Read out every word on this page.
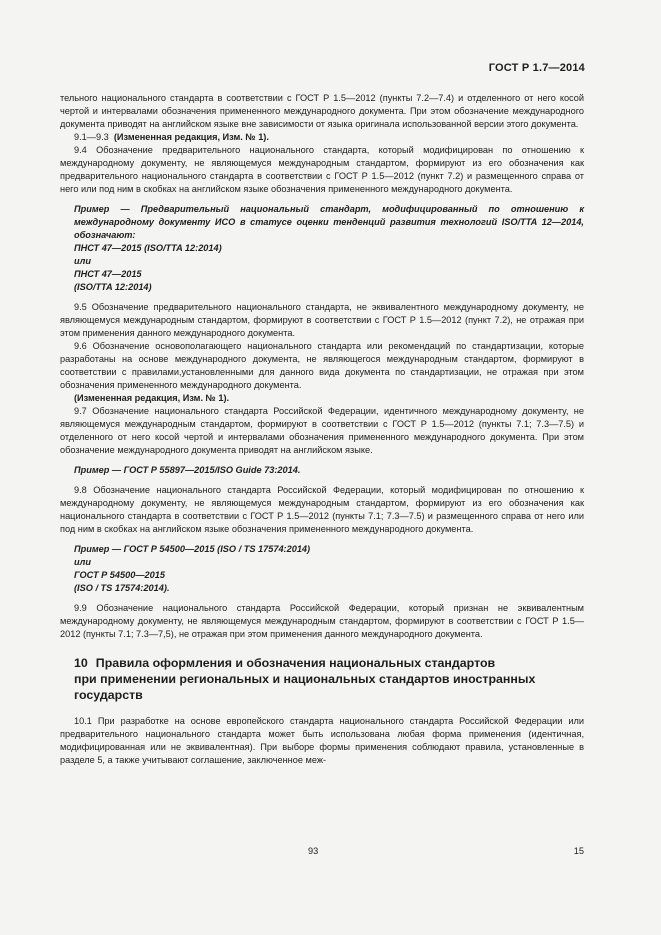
ГОСТ Р 1.7—2014

тельного национального стандарта в соответствии с ГОСТ Р 1.5—2012 (пункты 7.2—7.4) и отделенного от него косой чертой и интервалами обозначения примененного международного документа. При этом обозначение международного документа приводят на английском языке вне зависимости от языка оригинала использованной версии этого документа.

9.1—9.3 (Измененная редакция, Изм. № 1).

9.4 Обозначение предварительного национального стандарта, который модифицирован по отношению к международному документу, не являющемуся международным стандартом, формируют из его обозначения как предварительного национального стандарта в соответствии с ГОСТ Р 1.5—2012 (пункт 7.2) и размещенного справа от него или под ним в скобках на английском языке обозначения примененного международного документа.

Пример — Предварительный национальный стандарт, модифицированный по отношению к международному документу ИСО в статусе оценки тенденций развития технологий ISO/TTA 12—2014, обозначают:

ПНСТ 47—2015 (ISO/TTA 12:2014)
или
ПНСТ 47—2015
(ISO/TTA 12:2014)

9.5 Обозначение предварительного национального стандарта, не эквивалентного международному документу, не являющемуся международным стандартом, формируют в соответствии с ГОСТ Р 1.5—2012 (пункт 7.2), не отражая при этом применения данного международного документа.

9.6 Обозначение основополагающего национального стандарта или рекомендаций по стандартизации, которые разработаны на основе международного документа, не являющегося международным стандартом, формируют в соответствии с правилами,установленными для данного вида документа по стандартизации, не отражая при этом обозначения примененного международного документа.

(Измененная редакция, Изм. № 1).

9.7 Обозначение национального стандарта Российской Федерации, идентичного международному документу, не являющемуся международным стандартом, формируют в соответствии с ГОСТ Р 1.5—2012 (пункты 7.1; 7.3—7.5) и отделенного от него косой чертой и интервалами обозначения примененного международного документа. При этом обозначение международного документа приводят на английском языке.

Пример — ГОСТ Р 55897—2015/ISO Guide 73:2014.

9.8 Обозначение национального стандарта Российской Федерации, который модифицирован по отношению к международному документу, не являющемуся международным стандартом, формируют из его обозначения как национального стандарта в соответствии с ГОСТ Р 1.5—2012 (пункты 7.1; 7.3—7.5) и размещенного справа от него или под ним в скобках на английском языке обозначения примененного международного документа.

Пример — ГОСТ Р 54500—2015 (ISO / TS 17574:2014)
или
ГОСТ Р 54500—2015
(ISO / TS 17574:2014).

9.9 Обозначение национального стандарта Российской Федерации, который признан не эквивалентным международному документу, не являющемуся международным стандартом, формируют в соответствии с ГОСТ Р 1.5—2012 (пункты 7.1; 7.3—7,5), не отражая при этом применения данного международного документа.

10 Правила оформления и обозначения национальных стандартов
при применении региональных и национальных стандартов иностранных
государств

10.1 При разработке на основе европейского стандарта национального стандарта Российской Федерации или предварительного национального стандарта может быть использована любая форма применения (идентичная, модифицированная или не эквивалентная). При выборе формы применения соблюдают правила, установленные в разделе 5, а также учитывают соглашение, заключенное меж-

93	15
